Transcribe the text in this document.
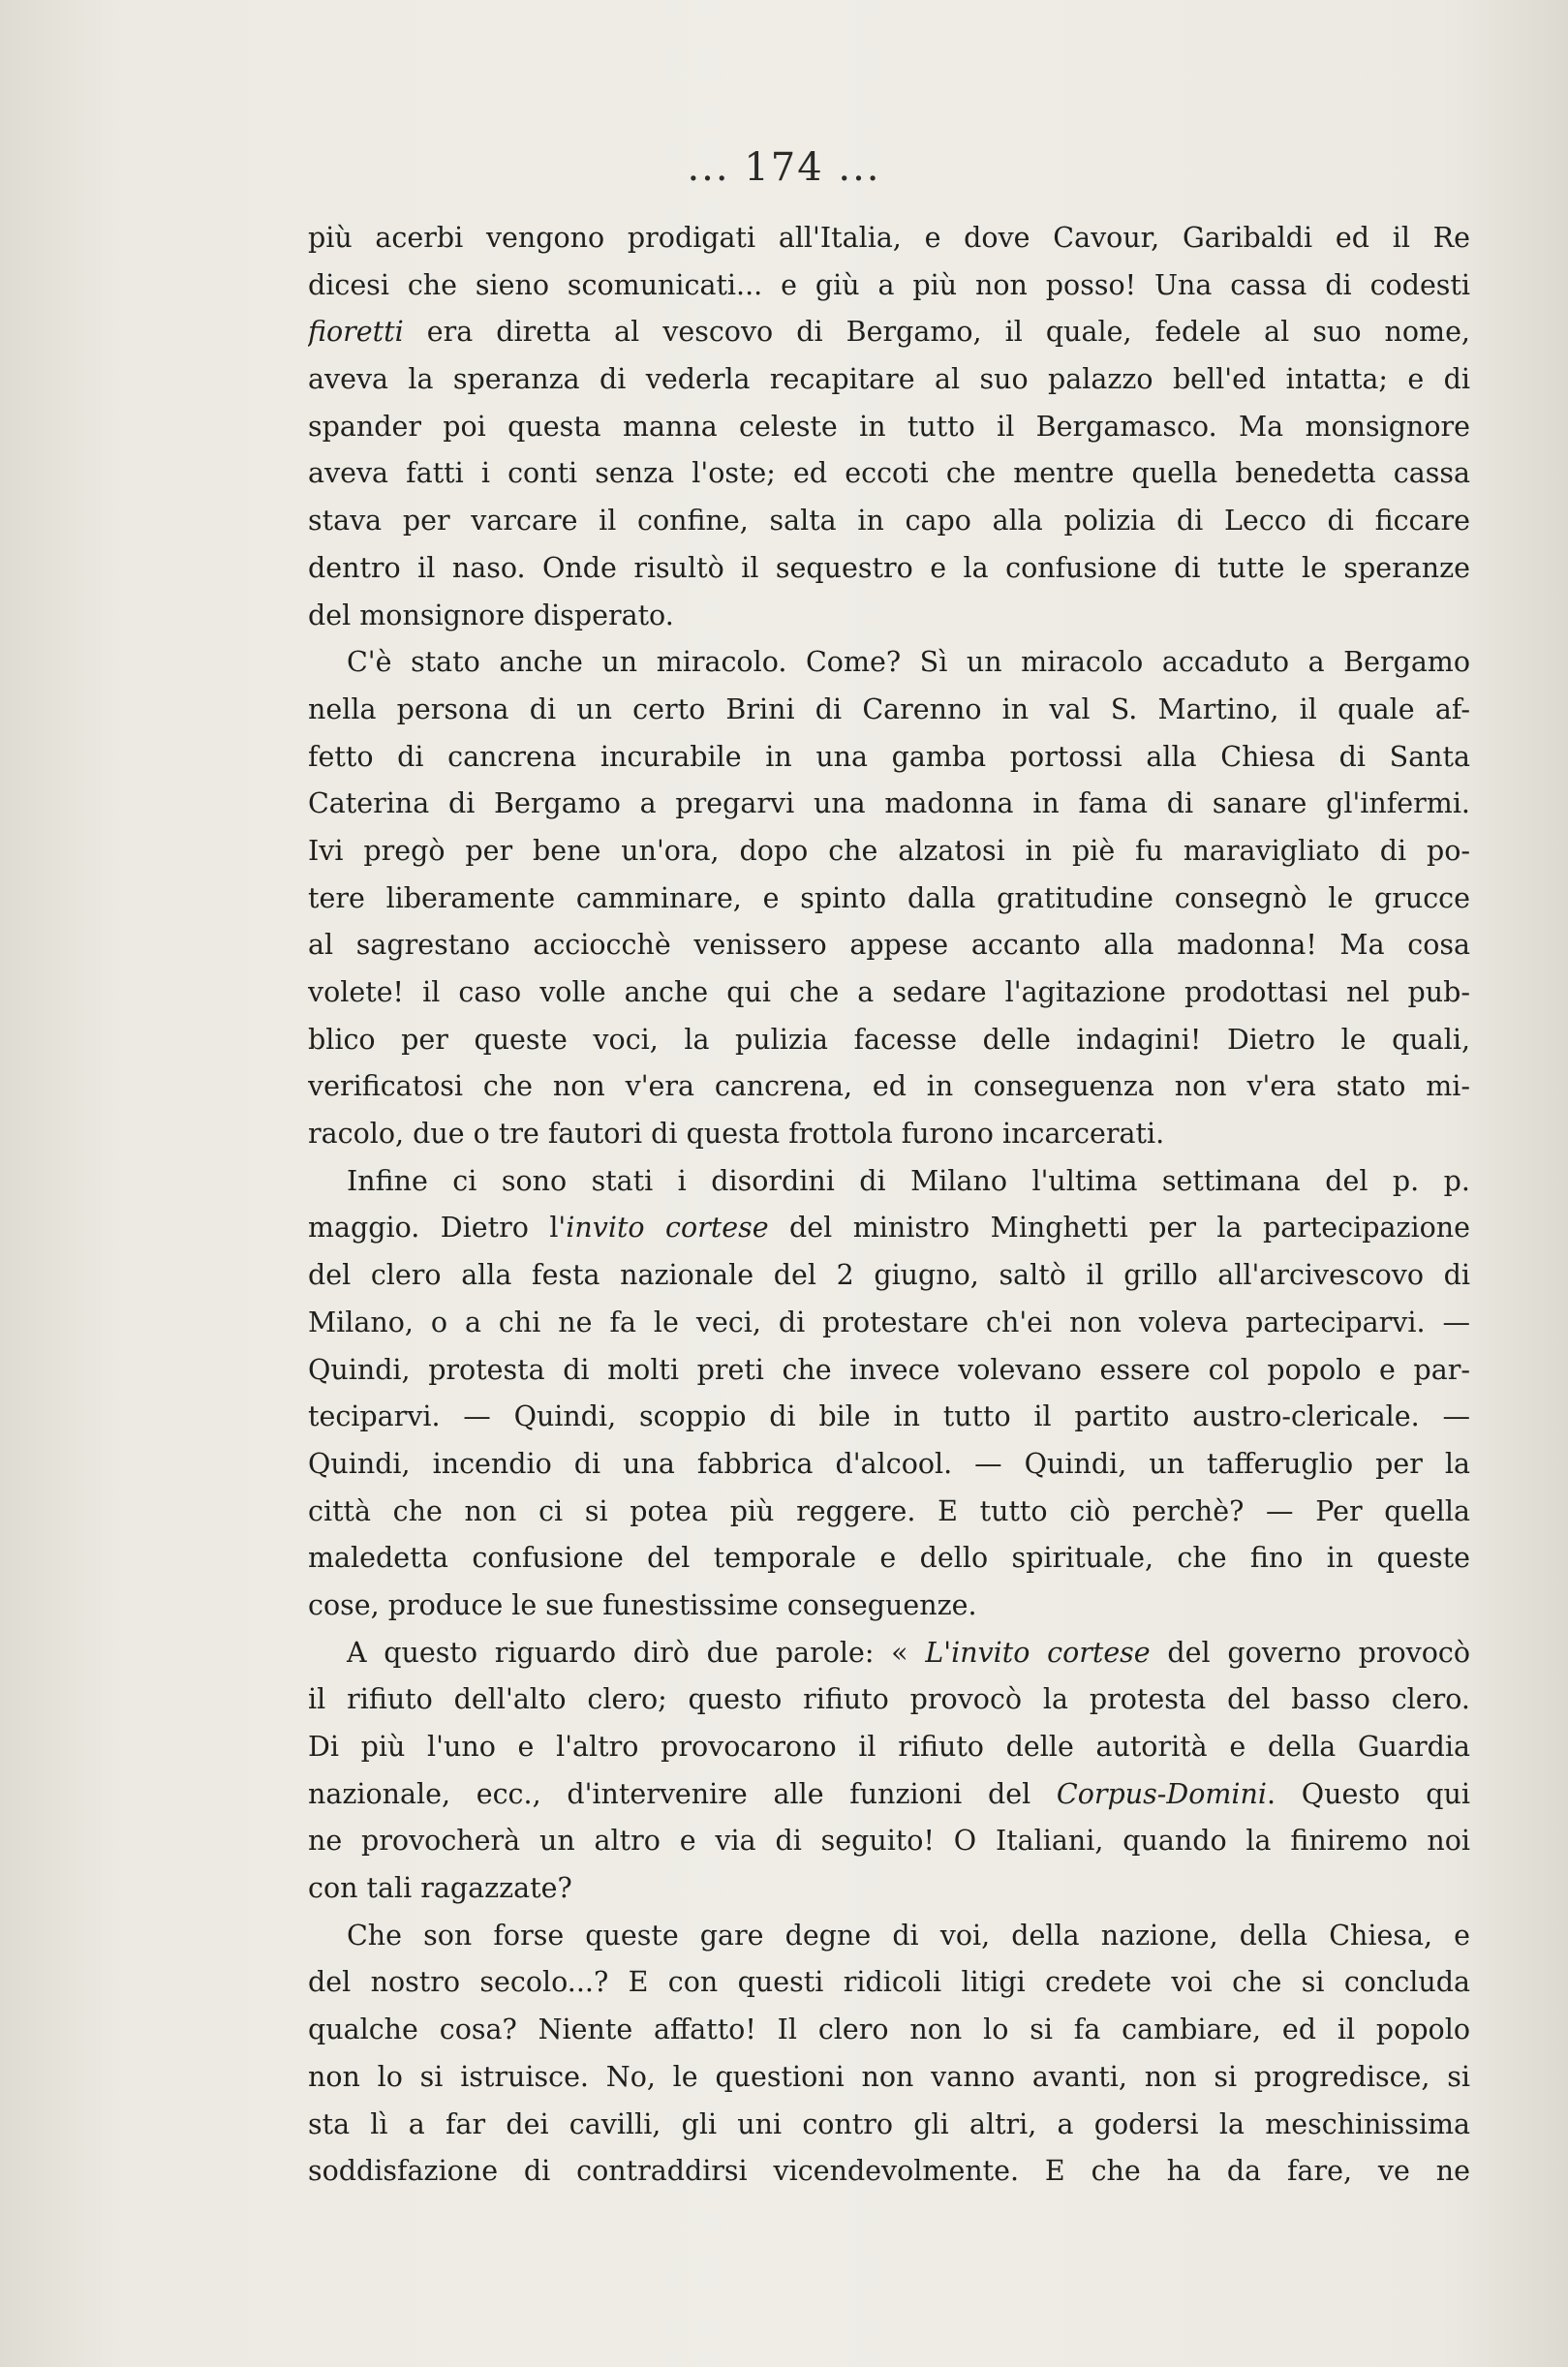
... 174 ...
più acerbi vengono prodigati all'Italia, e dove Cavour, Garibaldi ed il Re
dicesi che sieno scomunicati... e giù a più non posso! Una cassa di codesti
fioretti era diretta al vescovo di Bergamo, il quale, fedele al suo nome,
aveva la speranza di vederla recapitare al suo palazzo bell'ed intatta; e di
spander poi questa manna celeste in tutto il Bergamasco. Ma monsignore
aveva fatti i conti senza l'oste; ed eccoti che mentre quella benedetta cassa
stava per varcare il confine, salta in capo alla polizia di Lecco di ficcare
dentro il naso. Onde risultò il sequestro e la confusione di tutte le speranze
del monsignore disperato.
C'è stato anche un miracolo. Come? Sì un miracolo accaduto a Bergamo
nella persona di un certo Brini di Carenno in val S. Martino, il quale af-
fetto di cancrena incurabile in una gamba portossi alla Chiesa di Santa
Caterina di Bergamo a pregarvi una madonna in fama di sanare gl'infermi.
Ivi pregò per bene un'ora, dopo che alzatosi in piè fu maravigliato di po-
tere liberamente camminare, e spinto dalla gratitudine consegnò le grucce
al sagrestano acciocchè venissero appese accanto alla madonna! Ma cosa
volete! il caso volle anche qui che a sedare l'agitazione prodottasi nel pub-
blico per queste voci, la pulizia facesse delle indagini! Dietro le quali,
verificatosi che non v'era cancrena, ed in conseguenza non v'era stato mi-
racolo, due o tre fautori di questa frottola furono incarcerati.
Infine ci sono stati i disordini di Milano l'ultima settimana del p. p.
maggio. Dietro l'invito cortese del ministro Minghetti per la partecipazione
del clero alla festa nazionale del 2 giugno, saltò il grillo all'arcivescovo di
Milano, o a chi ne fa le veci, di protestare ch'ei non voleva parteciparvi. —
Quindi, protesta di molti preti che invece volevano essere col popolo e par-
teciparvi. — Quindi, scoppio di bile in tutto il partito austro-clericale. —
Quindi, incendio di una fabbrica d'alcool. — Quindi, un tafferuglio per la
città che non ci si potea più reggere. E tutto ciò perchè? — Per quella
maledetta confusione del temporale e dello spirituale, che fino in queste
cose, produce le sue funestissime conseguenze.
A questo riguardo dirò due parole: « L'invito cortese del governo provocò
il rifiuto dell'alto clero; questo rifiuto provocò la protesta del basso clero.
Di più l'uno e l'altro provocarono il rifiuto delle autorità e della Guardia
nazionale, ecc., d'intervenire alle funzioni del Corpus-Domini. Questo qui
ne provocherà un altro e via di seguito! O Italiani, quando la finiremo noi
con tali ragazzate?
Che son forse queste gare degne di voi, della nazione, della Chiesa, e
del nostro secolo...? E con questi ridicoli litigi credete voi che si concluda
qualche cosa? Niente affatto! Il clero non lo si fa cambiare, ed il popolo
non lo si istruisce. No, le questioni non vanno avanti, non si progredisce, si
sta lì a far dei cavilli, gli uni contro gli altri, a godersi la meschinissima
soddisfazione di contraddirsi vicendevolmente. E che ha da fare, ve ne
